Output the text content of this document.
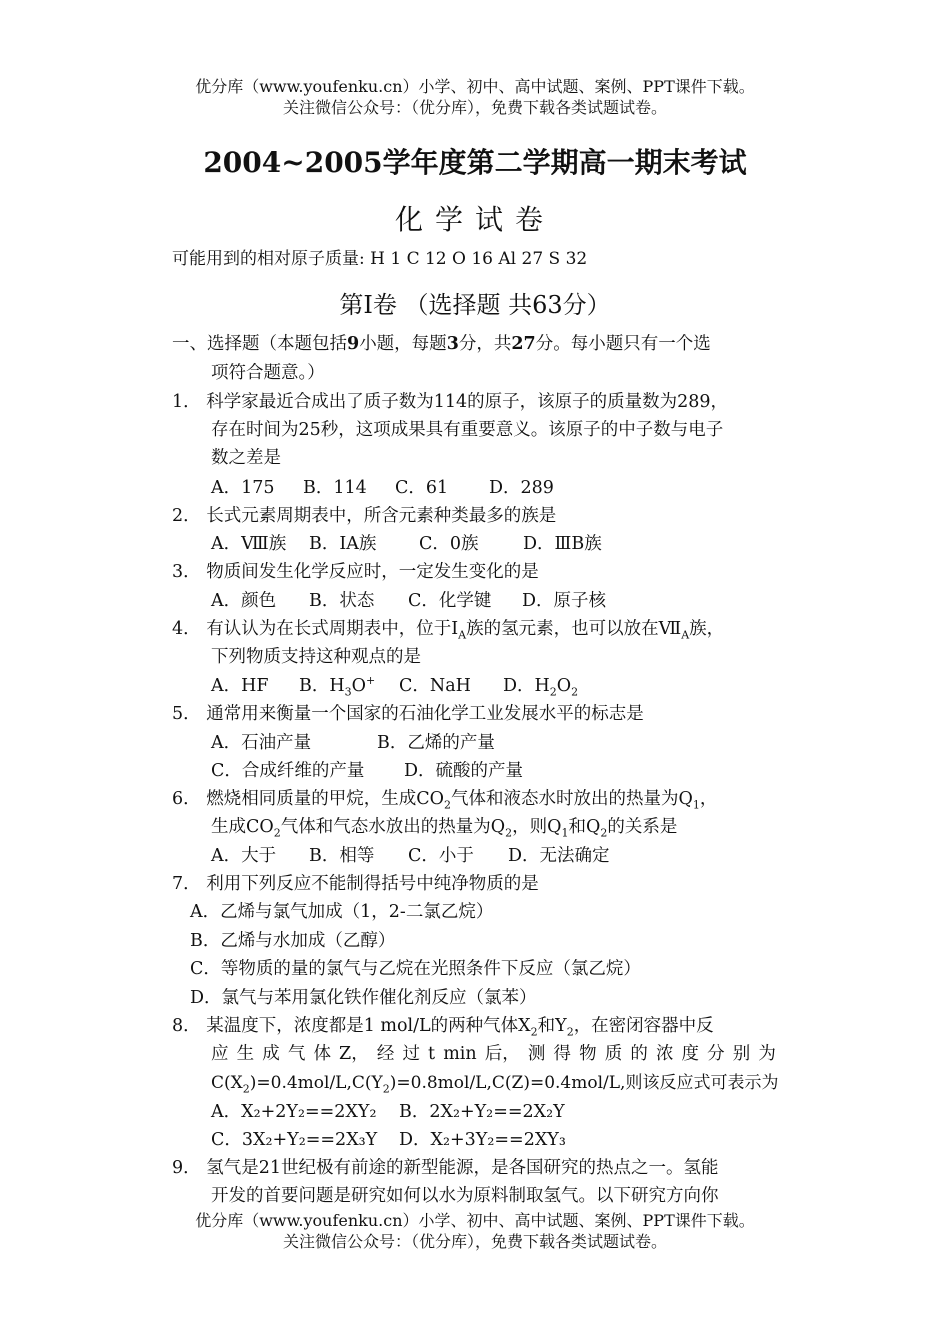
优分库（www.youfenku.cn）小学、初中、高中试题、案例、PPT课件下载。
关注微信公众号：（优分库），免费下载各类试题试卷。
2004~2005学年度第二学期高一期末考试
化学试卷
可能用到的相对原子质量: H 1 C 12 O 16 Al 27 S 32
第Ⅰ卷 （选择题 共63分）
一、选择题（本题包括9小题，每题3分，共27分。每小题只有一个选
项符合题意。）
1． 科学家最近合成出了质子数为114的原子，该原子的质量数为289，
存在时间为25秒，这项成果具有重要意义。该原子的中子数与电子
数之差是
A．175 B．114 C．61 D．289
2． 长式元素周期表中，所含元素种类最多的族是
A．Ⅷ族 B．ⅠA族 C．0族	D．ⅢB族
3． 物质间发生化学反应时，一定发生变化的是
A．颜色 B．状态 C．化学键 D．原子核
4． 有认认为在长式周期表中，位于$I_A$族的氢元素，也可以放在$Ⅶ_A$族，
下列物质支持这种观点的是
A．HF B．$H_3O^+$ C．NaH D．$H_2O_2$
5． 通常用来衡量一个国家的石油化学工业发展水平的标志是
A．石油产量	B．乙烯的产量
C．合成纤维的产量 D．硫酸的产量
6． 燃烧相同质量的甲烷，生成$CO_2$气体和液态水时放出的热量为$Q_1$，
生成$CO_2$气体和气态水放出的热量为$Q_2$，则$Q_1$和$Q_2$的关系是
A．大于 B．相等 C．小于 D．无法确定
7． 利用下列反应不能制得括号中纯净物质的是
A．乙烯与氯气加成（1，2-二氯乙烷）
B．乙烯与水加成（乙醇）
C．等物质的量的氯气与乙烷在光照条件下反应（氯乙烷）
D．氯气与苯用氯化铁作催化剂反应（氯苯）
8． 某温度下，浓度都是1 mol/L的两种气体$X_2$和$Y_2$，在密闭容器中反
应 生 成 气 体 Z， 经 过 t min 后， 测 得 物 质 的 浓 度 分 别 为
$C(X_2)=0.4mol/L,C(Y_2)=0.8mol/L,C(Z)=0.4mol/L$,则该反应式可表示为
A．X₂+2Y₂==2XY₂ B．2X₂+Y₂==2X₂Y
C．3X₂+Y₂==2X₃Y D．X₂+3Y₂==2XY₃
9． 氢气是21世纪极有前途的新型能源，是各国研究的热点之一。氢能
开发的首要问题是研究如何以水为原料制取氢气。以下研究方向你
优分库（www.youfenku.cn）小学、初中、高中试题、案例、PPT课件下载。
关注微信公众号：（优分库），免费下载各类试题试卷。
